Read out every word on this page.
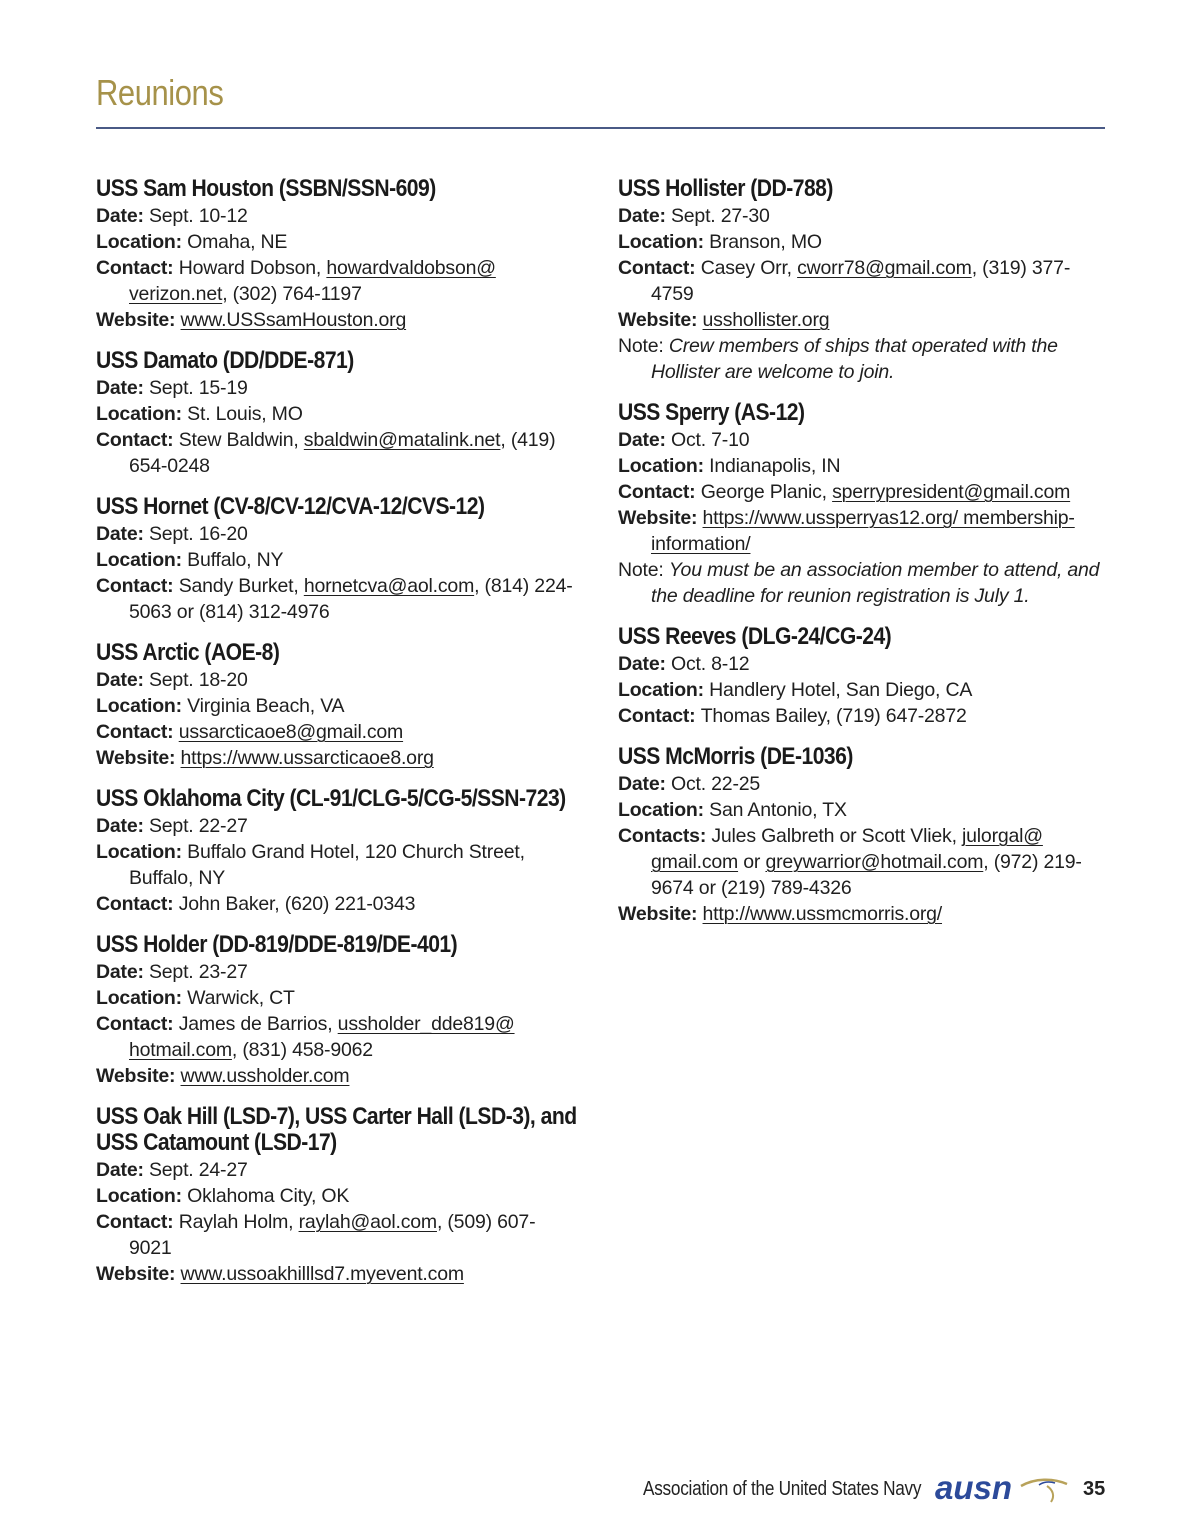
Reunions
USS Sam Houston (SSBN/SSN-609)
Date: Sept. 10-12
Location: Omaha, NE
Contact: Howard Dobson, howardvaldobson@ verizon.net, (302) 764-1197
Website: www.USSsamHouston.org
USS Damato (DD/DDE-871)
Date: Sept. 15-19
Location: St. Louis, MO
Contact: Stew Baldwin, sbaldwin@matalink.net, (419) 654-0248
USS Hornet (CV-8/CV-12/CVA-12/CVS-12)
Date: Sept. 16-20
Location: Buffalo, NY
Contact: Sandy Burket, hornetcva@aol.com, (814) 224-5063 or (814) 312-4976
USS Arctic (AOE-8)
Date: Sept. 18-20
Location: Virginia Beach, VA
Contact: ussarcticaoe8@gmail.com
Website: https://www.ussarcticaoe8.org
USS Oklahoma City (CL-91/CLG-5/CG-5/SSN-723)
Date: Sept. 22-27
Location: Buffalo Grand Hotel, 120 Church Street, Buffalo, NY
Contact: John Baker, (620) 221-0343
USS Holder (DD-819/DDE-819/DE-401)
Date: Sept. 23-27
Location: Warwick, CT
Contact: James de Barrios, ussholder_dde819@ hotmail.com, (831) 458-9062
Website: www.ussholder.com
USS Oak Hill (LSD-7), USS Carter Hall (LSD-3), and USS Catamount (LSD-17)
Date: Sept. 24-27
Location: Oklahoma City, OK
Contact: Raylah Holm, raylah@aol.com, (509) 607-9021
Website: www.ussoakhilllsd7.myevent.com
USS Hollister (DD-788)
Date: Sept. 27-30
Location: Branson, MO
Contact: Casey Orr, cworr78@gmail.com, (319) 377-4759
Website: usshollister.org
Note: Crew members of ships that operated with the Hollister are welcome to join.
USS Sperry (AS-12)
Date: Oct. 7-10
Location: Indianapolis, IN
Contact: George Planic, sperrypresident@gmail.com
Website: https://www.ussperryas12.org/ membership-information/
Note: You must be an association member to attend, and the deadline for reunion registration is July 1.
USS Reeves (DLG-24/CG-24)
Date: Oct. 8-12
Location: Handlery Hotel, San Diego, CA
Contact: Thomas Bailey, (719) 647-2872
USS McMorris (DE-1036)
Date: Oct. 22-25
Location: San Antonio, TX
Contacts: Jules Galbreth or Scott Vliek, julorgal@ gmail.com or greywarrior@hotmail.com, (972) 219-9674 or (219) 789-4326
Website: http://www.ussmcmorris.org/
Association of the United States Navy ausn	35
